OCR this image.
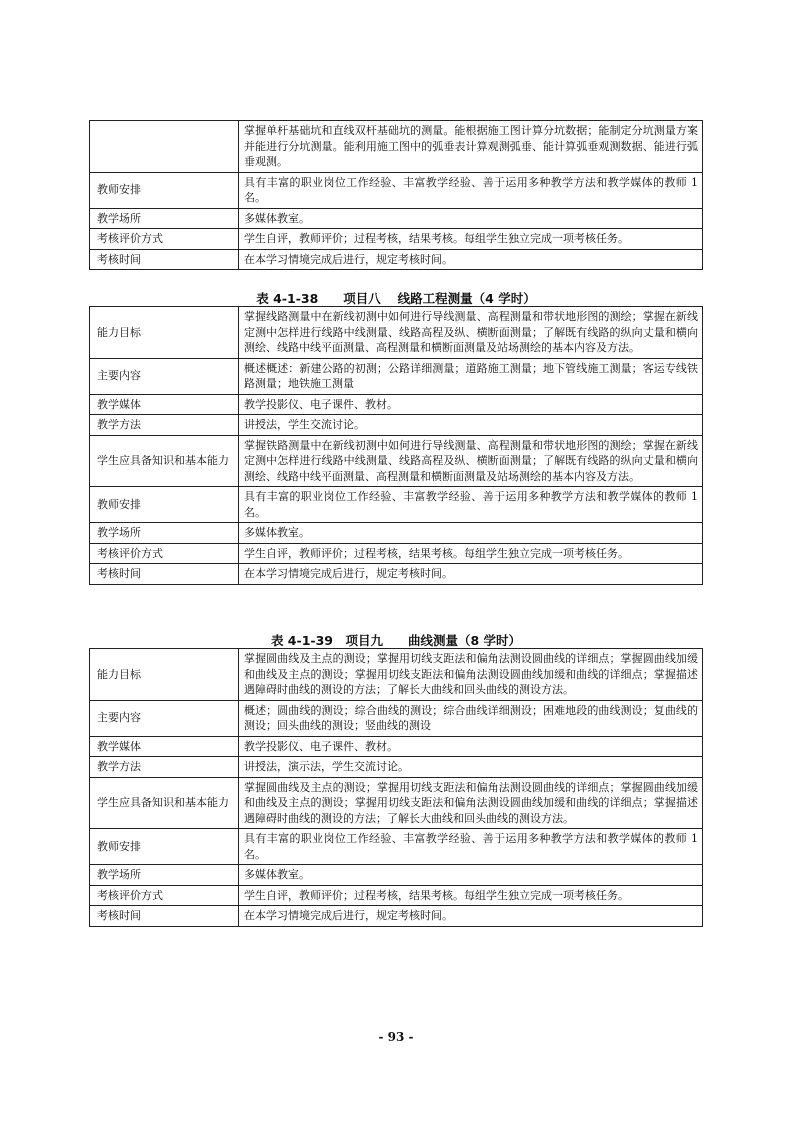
	掌握单杆基础坑和直线双杆基础坑的测量。能根据施工图计算分坑数据；能制定分坑测量方案并能进行分坑测量。能利用施工图中的弧垂表计算观测弧垂、能计算弧垂观测数据、能进行弧垂观测。
教师安排	具有丰富的职业岗位工作经验、丰富教学经验、善于运用多种教学方法和教学媒体的教师 1 名。
教学场所	多媒体教室。
考核评价方式	学生自评，教师评价；过程考核，结果考核。每组学生独立完成一项考核任务。
考核时间	在本学习情境完成后进行，规定考核时间。
表 4-1-38　　项目八　 线路工程测量（4 学时）
能力目标	掌握线路测量中在新线初测中如何进行导线测量、高程测量和带状地形图的测绘；掌握在新线定测中怎样进行线路中线测量、线路高程及纵、横断面测量；了解既有线路的纵向丈量和横向测绘、线路中线平面测量、高程测量和横断面测量及站场测绘的基本内容及方法。
主要内容	概述概述：新建公路的初测；公路详细测量；道路施工测量；地下管线施工测量；客运专线铁路测量；地铁施工测量
教学媒体	教学投影仪、电子课件、教材。
教学方法	讲授法，学生交流讨论。
学生应具备知识和基本能力	掌握铁路测量中在新线初测中如何进行导线测量、高程测量和带状地形图的测绘；掌握在新线定测中怎样进行线路中线测量、线路高程及纵、横断面测量；了解既有线路的纵向丈量和横向测绘、线路中线平面测量、高程测量和横断面测量及站场测绘的基本内容及方法。
教师安排	具有丰富的职业岗位工作经验、丰富教学经验、善于运用多种教学方法和教学媒体的教师 1 名。
教学场所	多媒体教室。
考核评价方式	学生自评，教师评价；过程考核，结果考核。每组学生独立完成一项考核任务。
考核时间	在本学习情境完成后进行，规定考核时间。
表 4-1-39　项目九　　曲线测量（8 学时）
能力目标	掌握圆曲线及主点的测设；掌握用切线支距法和偏角法测设圆曲线的详细点；掌握圆曲线加缓和曲线及主点的测设；掌握用切线支距法和偏角法测设圆曲线加缓和曲线的详细点；掌握描述遇障碍时曲线的测设的方法；了解长大曲线和回头曲线的测设方法。
主要内容	概述；圆曲线的测设；综合曲线的测设；综合曲线详细测设；困难地段的曲线测设；复曲线的测设；回头曲线的测设；竖曲线的测设
教学媒体	教学投影仪、电子课件、教材。
教学方法	讲授法，演示法，学生交流讨论。
学生应具备知识和基本能力	掌握圆曲线及主点的测设；掌握用切线支距法和偏角法测设圆曲线的详细点；掌握圆曲线加缓和曲线及主点的测设；掌握用切线支距法和偏角法测设圆曲线加缓和曲线的详细点；掌握描述遇障碍时曲线的测设的方法；了解长大曲线和回头曲线的测设方法。
教师安排	具有丰富的职业岗位工作经验、丰富教学经验、善于运用多种教学方法和教学媒体的教师 1 名。
教学场所	多媒体教室。
考核评价方式	学生自评，教师评价；过程考核，结果考核。每组学生独立完成一项考核任务。
考核时间	在本学习情境完成后进行，规定考核时间。
- 93 -
